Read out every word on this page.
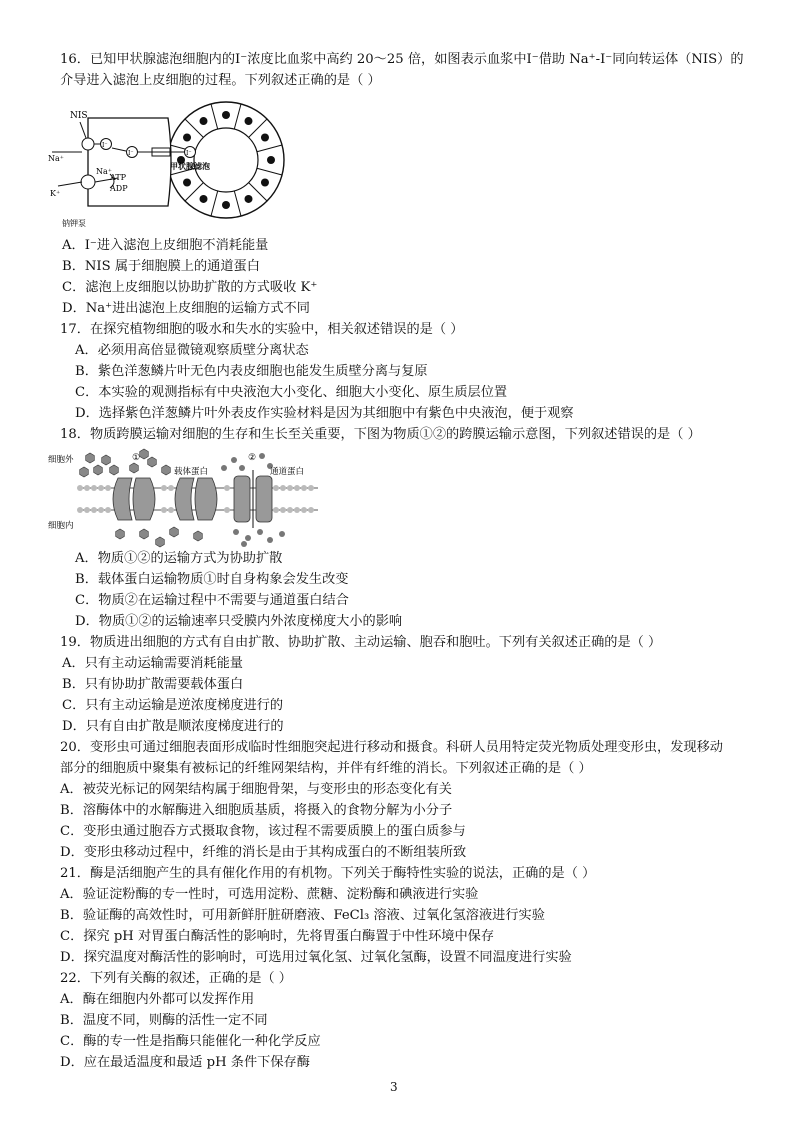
16．已知甲状腺滤泡细胞内的I⁻浓度比血浆中高约 20～25 倍，如图表示血浆中I⁻借助 Na⁺-I⁻同向转运体（NIS）的
介导进入滤泡上皮细胞的过程。下列叙述正确的是（ ）
NIS
Na⁺
K⁺
Na⁺
ATP
ADP
钠钾泵
甲状腺滤泡
I⁻
I⁻	I⁻
A．I⁻进入滤泡上皮细胞不消耗能量
B．NIS 属于细胞膜上的通道蛋白
C．滤泡上皮细胞以协助扩散的方式吸收 K⁺
D．Na⁺进出滤泡上皮细胞的运输方式不同
17．在探究植物细胞的吸水和失水的实验中，相关叙述错误的是（ ）
A．必须用高倍显微镜观察质壁分离状态
B．紫色洋葱鳞片叶无色内表皮细胞也能发生质壁分离与复原
C．本实验的观测指标有中央液泡大小变化、细胞大小变化、原生质层位置
D．选择紫色洋葱鳞片叶外表皮作实验材料是因为其细胞中有紫色中央液泡，便于观察
18．物质跨膜运输对细胞的生存和生长至关重要，下图为物质①②的跨膜运输示意图，下列叙述错误的是（ ）
细胞外
细胞内
载体蛋白	通道蛋白
①	②
A．物质①②的运输方式为协助扩散
B．载体蛋白运输物质①时自身构象会发生改变
C．物质②在运输过程中不需要与通道蛋白结合
D．物质①②的运输速率只受膜内外浓度梯度大小的影响
19．物质进出细胞的方式有自由扩散、协助扩散、主动运输、胞吞和胞吐。下列有关叙述正确的是（ ）
A．只有主动运输需要消耗能量
B．只有协助扩散需要载体蛋白
C．只有主动运输是逆浓度梯度进行的
D．只有自由扩散是顺浓度梯度进行的
20．变形虫可通过细胞表面形成临时性细胞突起进行移动和摄食。科研人员用特定荧光物质处理变形虫，发现移动
部分的细胞质中聚集有被标记的纤维网架结构，并伴有纤维的消长。下列叙述正确的是（ ）
A．被荧光标记的网架结构属于细胞骨架，与变形虫的形态变化有关
B．溶酶体中的水解酶进入细胞质基质，将摄入的食物分解为小分子
C．变形虫通过胞吞方式摄取食物，该过程不需要质膜上的蛋白质参与
D．变形虫移动过程中，纤维的消长是由于其构成蛋白的不断组装所致
21．酶是活细胞产生的具有催化作用的有机物。下列关于酶特性实验的说法，正确的是（ ）
A．验证淀粉酶的专一性时，可选用淀粉、蔗糖、淀粉酶和碘液进行实验
B．验证酶的高效性时，可用新鲜肝脏研磨液、FeCl₃ 溶液、过氧化氢溶液进行实验
C．探究 pH 对胃蛋白酶活性的影响时，先将胃蛋白酶置于中性环境中保存
D．探究温度对酶活性的影响时，可选用过氧化氢、过氧化氢酶，设置不同温度进行实验
22．下列有关酶的叙述，正确的是（ ）
A．酶在细胞内外都可以发挥作用
B．温度不同，则酶的活性一定不同
C．酶的专一性是指酶只能催化一种化学反应
D．应在最适温度和最适 pH 条件下保存酶
3
